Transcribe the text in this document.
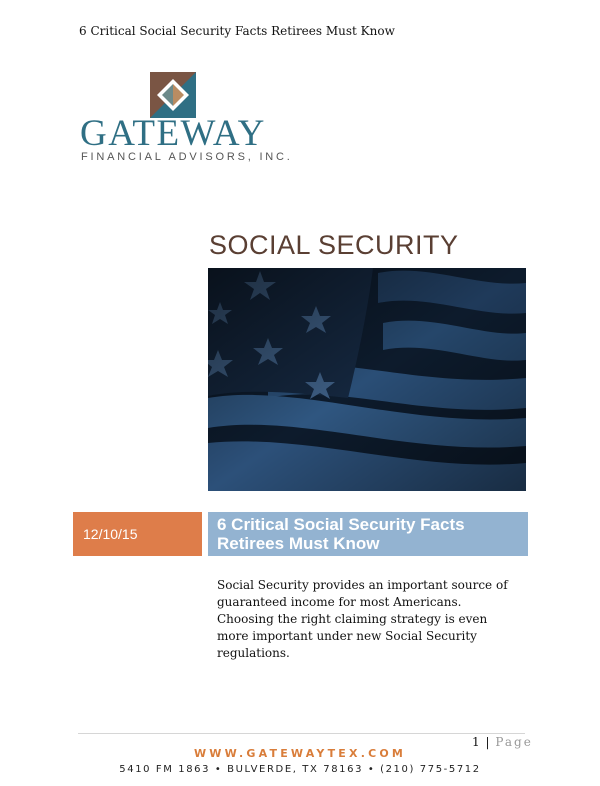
6 Critical Social Security Facts Retirees Must Know
GATEWAY
FINANCIAL ADVISORS, INC.
SOCIAL SECURITY
12/10/15	6 Critical Social Security Facts
Retirees Must Know
Social Security provides an important source of guaranteed income for most Americans. Choosing the right claiming strategy is even more important under new Social Security regulations.
1 | Page
WWW.GATEWAYTEX.COM
5410 FM 1863 • BULVERDE, TX 78163 • (210) 775-5712
